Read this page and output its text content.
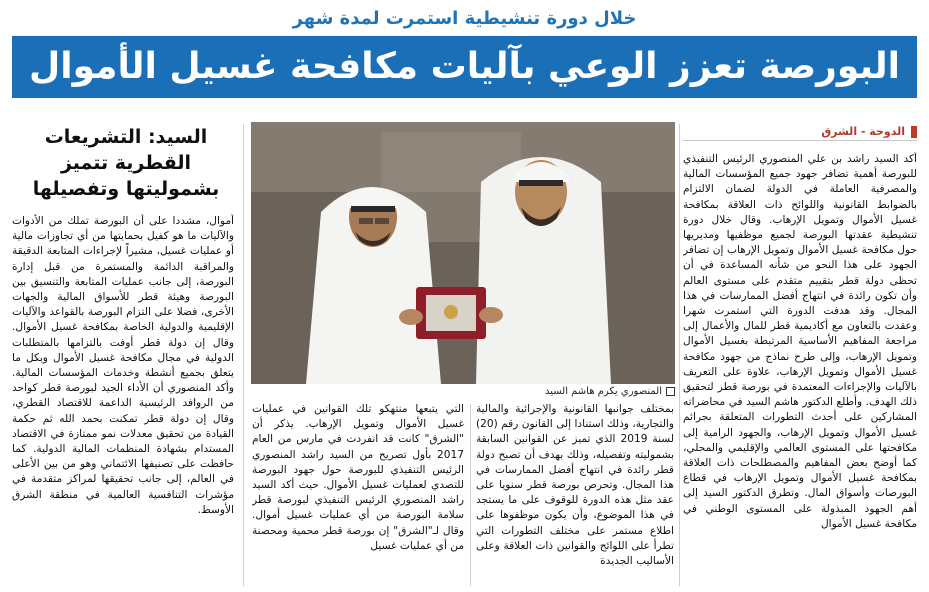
خلال دورة تنشيطية استمرت لمدة شهر
البورصة تعزز الوعي بآليات مكافحة غسيل الأموال
الدوحة - الشرق

أكد السيد راشد بن علي المنصوري الرئيس التنفيذي للبورصة أهمية تضافر جهود جميع المؤسسات المالية والمصرفية العاملة في الدولة لضمان الالتزام بالضوابط القانونية واللوائح ذات العلاقة بمكافحة غسيل الأموال وتمويل الإرهاب. وقال خلال دورة تنشيطية عقدتها البورصة لجميع موظفيها ومديريها حول مكافحة غسيل الأموال وتمويل الإرهاب إن تضافر الجهود على هذا النحو من شأنه المساعدة في أن تحظى دولة قطر بتقييم متقدم على مستوى العالم وأن تكون رائدة في انتهاج أفضل الممارسات في هذا المجال. وقد هدفت الدورة التي استمرت شهرا وعقدت بالتعاون مع أكاديمية قطر للمال والأعمال إلى مراجعة المفاهيم الأساسية المرتبطة بغسيل الأموال وتمويل الإرهاب، وإلى طرح نماذج من جهود مكافحة غسيل الأموال وتمويل الإرهاب، علاوة على التعريف بالآليات والإجراءات المعتمدة في بورصة قطر لتحقيق ذلك الهدف. وأطلع الدكتور هاشم السيد في محاضراته المشاركين على أحدث التطورات المتعلقة بجرائم غسيل الأموال وتمويل الإرهاب، والجهود الرامية إلى مكافحتها على المستوى العالمي والإقليمي والمحلي، كما أوضح بعض المفاهيم والمصطلحات ذات العلاقة بمكافحة غسيل الأموال وتمويل الإرهاب في قطاع البورصات وأسواق المال. وتطرق الدكتور السيد إلى أهم الجهود المبذولة على المستوى الوطني في مكافحة غسيل الأموال

المنصوري يكرم هاشم السيد

بمختلف جوانبها القانونية والإجرائية والمالية والتجارية، وذلك استنادا إلى القانون رقم (20) لسنة 2019 الذي تميز عن القوانين السابقة بشموليته وتفصيله، وذلك بهدف أن تصبح دولة قطر رائدة في انتهاج أفضل الممارسات في هذا المجال. وتحرص بورصة قطر سنويا على عقد مثل هذه الدورة للوقوف على ما يستجد في هذا الموضوع، وأن يكون موظفوها على اطلاع مستمر على مختلف التطورات التي تطرأ على اللوائح والقوانين ذات العلاقة وعلى الأساليب الجديدة

التي يتبعها منتهكو تلك القوانين في عمليات غسيل الأموال وتمويل الإرهاب. يذكر أن "الشرق" كانت قد انفردت في مارس من العام 2017 بأول تصريح من السيد راشد المنصوري الرئيس التنفيذي للبورصة حول جهود البورصة للتصدي لعمليات غسيل الأموال. حيث أكد السيد راشد المنصوري الرئيس التنفيذي لبورصة قطر سلامة البورصة من أي عمليات غسيل أموال. وقال لـ"الشرق" إن بورصة قطر محمية ومحصنة من أي عمليات غسيل

السيد: التشريعات
القطرية تتميز
بشموليتها وتفصيلها

أموال، مشددا على أن البورصة تملك من الأدوات والآليات ما هو كفيل بحمايتها من أي تجاوزات مالية أو عمليات غسيل، مشيراً لإجراءات المتابعة الدقيقة والمراقبة الدائمة والمستمرة من قبل إدارة البورصة، إلى جانب عمليات المتابعة والتنسيق بين البورصة وهيئة قطر للأسواق المالية والجهات الأخرى، فضلا على التزام البورصة بالقواعد والآليات الإقليمية والدولية الخاصة بمكافحة غسيل الأموال. وقال إن دولة قطر أوفت بالتزامها بالمتطلبات الدولية في مجال مكافحة غسيل الأموال وبكل ما يتعلق بجميع أنشطة وخدمات المؤسسات المالية. وأكد المنصوري أن الأداء الجيد لبورصة قطر كواحد من الروافد الرئيسية الداعمة للاقتصاد القطري، وقال إن دولة قطر تمكنت بحمد الله ثم حكمة القيادة من تحقيق معدلات نمو ممتازة في الاقتصاد المستدام بشهادة المنظمات المالية الدولية. كما حافظت على تصنيفها الائتماني وهو من بين الأعلى في العالم، إلى جانب تحقيقها لمراكز متقدمة في مؤشرات التنافسية العالمية في منطقة الشرق الأوسط.
